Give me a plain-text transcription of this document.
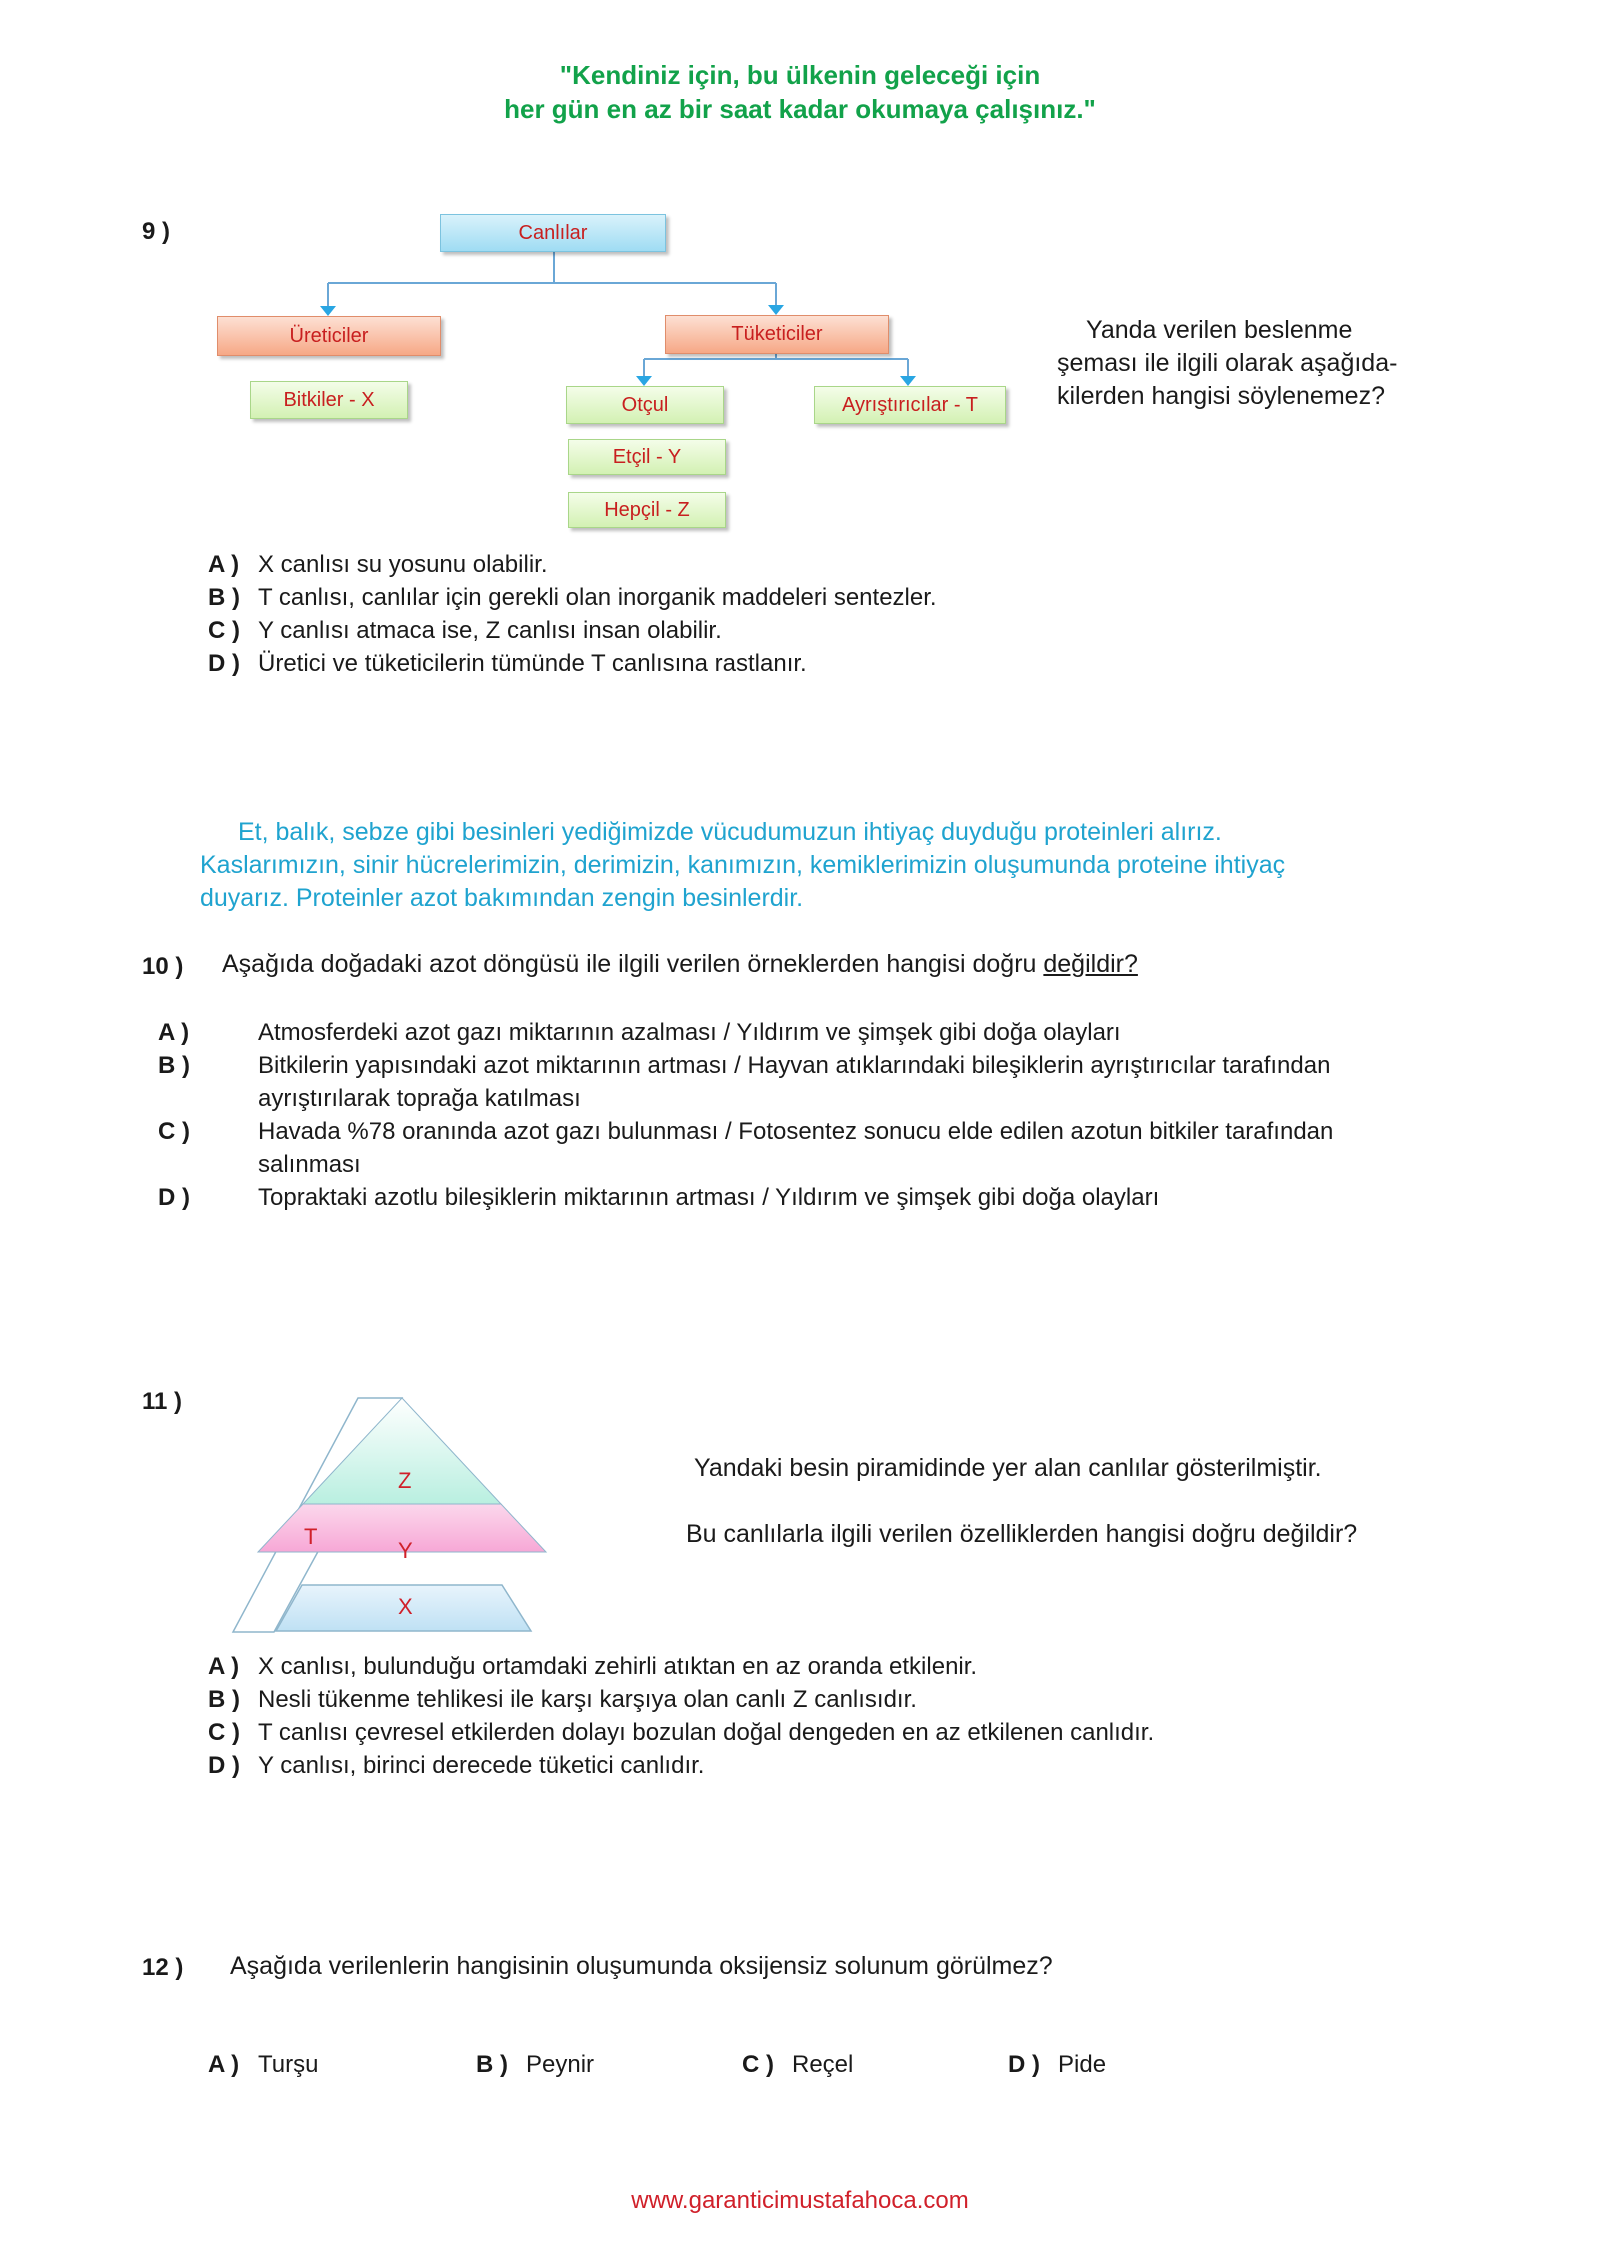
"Kendiniz için, bu ülkenin geleceği için
her gün en az bir saat kadar okumaya çalışınız."
9 )	Canlılar
Üreticiler	Tüketiciler
Bitkiler - X	Otçul	Ayrıştırıcılar - T
Etçil - Y
Hepçil - Z
Yanda verilen beslenme
şeması ile ilgili olarak aşağıda-
kilerden hangisi söylenemez?
A ) X canlısı su yosunu olabilir.
B ) T canlısı, canlılar için gerekli olan inorganik maddeleri sentezler.
C ) Y canlısı atmaca ise, Z canlısı insan olabilir.
D ) Üretici ve tüketicilerin tümünde T canlısına rastlanır.
Et, balık, sebze gibi besinleri yediğimizde vücudumuzun ihtiyaç duyduğu proteinleri alırız.
Kaslarımızın, sinir hücrelerimizin, derimizin, kanımızın, kemiklerimizin oluşumunda proteine ihtiyaç
duyarız. Proteinler azot bakımından zengin besinlerdir.
10 ) Aşağıda doğadaki azot döngüsü ile ilgili verilen örneklerden hangisi doğru değildir?
A )	Atmosferdeki azot gazı miktarının azalması / Yıldırım ve şimşek gibi doğa olayları
B )	Bitkilerin yapısındaki azot miktarının artması / Hayvan atıklarındaki bileşiklerin ayrıştırıcılar tarafından ayrıştırılarak toprağa katılması
C )	Havada %78 oranında azot gazı bulunması / Fotosentez sonucu elde edilen azotun bitkiler tarafından salınması
D )	Topraktaki azotlu bileşiklerin miktarının artması / Yıldırım ve şimşek gibi doğa olayları
11 )
Z
Y
X
T
Yandaki besin piramidinde yer alan canlılar gösterilmiştir.
Bu canlılarla ilgili verilen özelliklerden hangisi doğru değildir?
A ) X canlısı, bulunduğu ortamdaki zehirli atıktan en az oranda etkilenir.
B ) Nesli tükenme tehlikesi ile karşı karşıya olan canlı Z canlısıdır.
C ) T canlısı çevresel etkilerden dolayı bozulan doğal dengeden en az etkilenen canlıdır.
D ) Y canlısı, birinci derecede tüketici canlıdır.
12 ) Aşağıda verilenlerin hangisinin oluşumunda oksijensiz solunum görülmez?
A ) Turşu	B ) Peynir	C ) Reçel	D ) Pide
www.garanticimustafahoca.com
